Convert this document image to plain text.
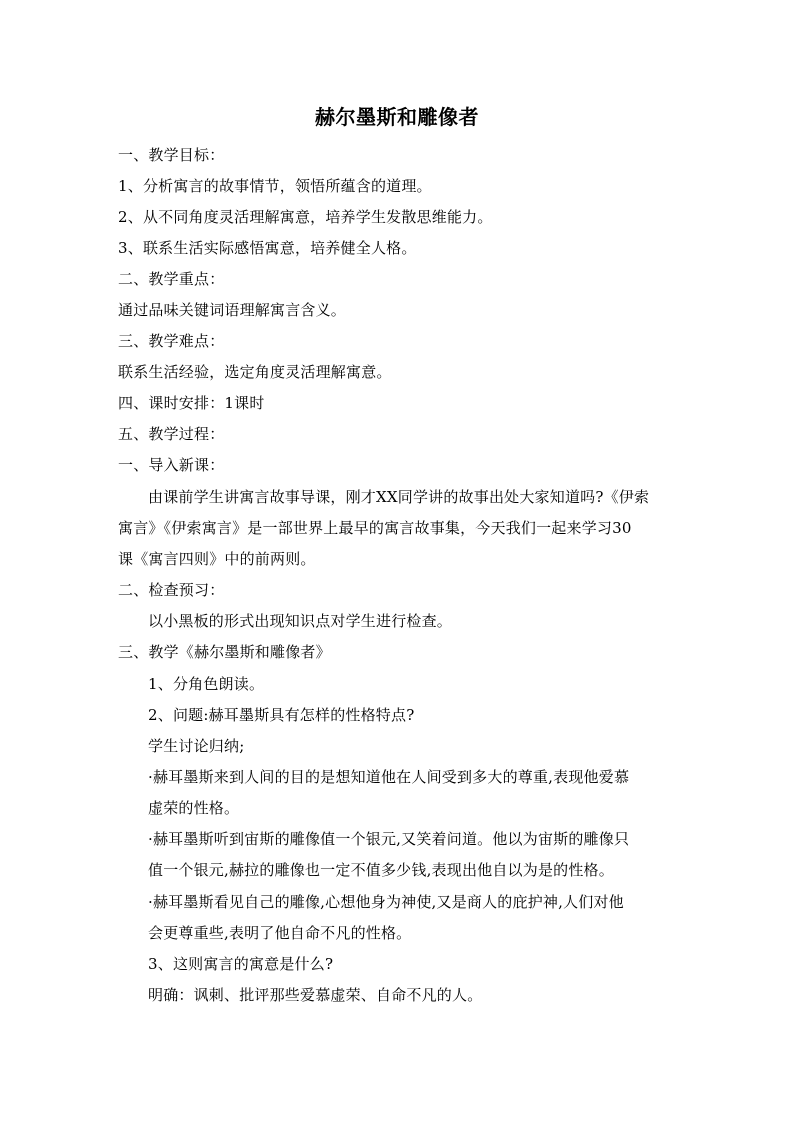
赫尔墨斯和雕像者
一、教学目标：
1、分析寓言的故事情节，领悟所蕴含的道理。
2、从不同角度灵活理解寓意，培养学生发散思维能力。
3、联系生活实际感悟寓意，培养健全人格。
二、教学重点：
通过品味关键词语理解寓言含义。
三、教学难点：
联系生活经验，选定角度灵活理解寓意。
四、课时安排：1课时
五、教学过程：
一、导入新课：
由课前学生讲寓言故事导课，刚才XX同学讲的故事出处大家知道吗?《伊索
寓言》《伊索寓言》是一部世界上最早的寓言故事集，今天我们一起来学习30
课《寓言四则》中的前两则。
二、检查预习：
以小黑板的形式出现知识点对学生进行检查。
三、教学《赫尔墨斯和雕像者》
1、分角色朗读。
2、问题:赫耳墨斯具有怎样的性格特点?
学生讨论归纳;
·赫耳墨斯来到人间的目的是想知道他在人间受到多大的尊重,表现他爱慕
虚荣的性格。
·赫耳墨斯听到宙斯的雕像值一个银元,又笑着问道。他以为宙斯的雕像只
值一个银元,赫拉的雕像也一定不值多少钱,表现出他自以为是的性格。
·赫耳墨斯看见自己的雕像,心想他身为神使,又是商人的庇护神,人们对他
会更尊重些,表明了他自命不凡的性格。
3、这则寓言的寓意是什么?
明确：讽刺、批评那些爱慕虚荣、自命不凡的人。
